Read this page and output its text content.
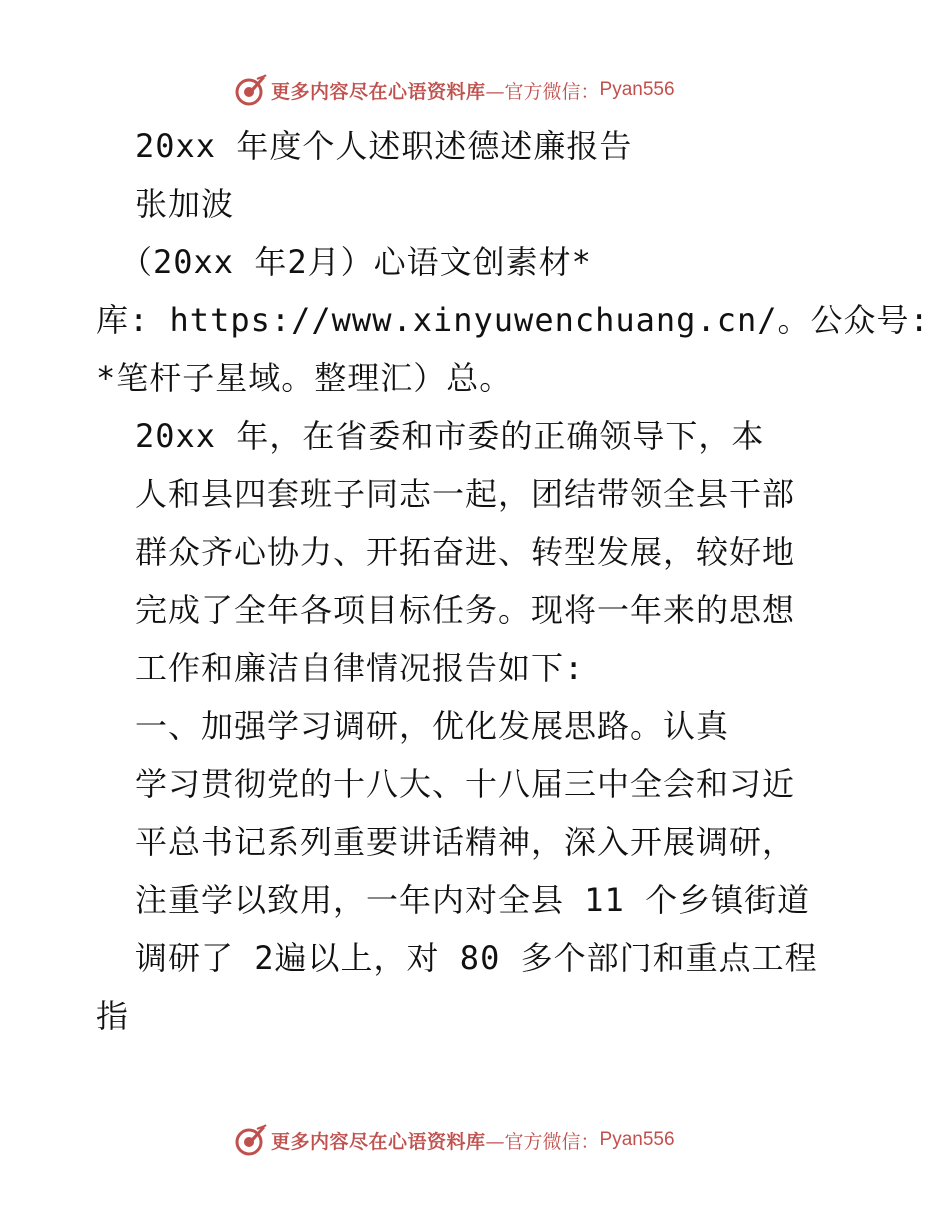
更多内容尽在心语资料库 —官方微信： Pyan556
20xx 年度个人述职述德述廉报告
张加波
（20xx 年2月）心语文创素材*
库: https://www.xinyuwenchuang.cn/。公众号:
*笔杆子星域。整理汇）总。
20xx 年，在省委和市委的正确领导下，本
人和县四套班子同志一起，团结带领全县干部
群众齐心协力、开拓奋进、转型发展，较好地
完成了全年各项目标任务。现将一年来的思想
工作和廉洁自律情况报告如下:
一、加强学习调研，优化发展思路。认真
学习贯彻党的十八大、十八届三中全会和习近
平总书记系列重要讲话精神，深入开展调研，
注重学以致用，一年内对全县 11 个乡镇街道
调研了 2遍以上，对 80 多个部门和重点工程
指
更多内容尽在心语资料库 —官方微信： Pyan556
